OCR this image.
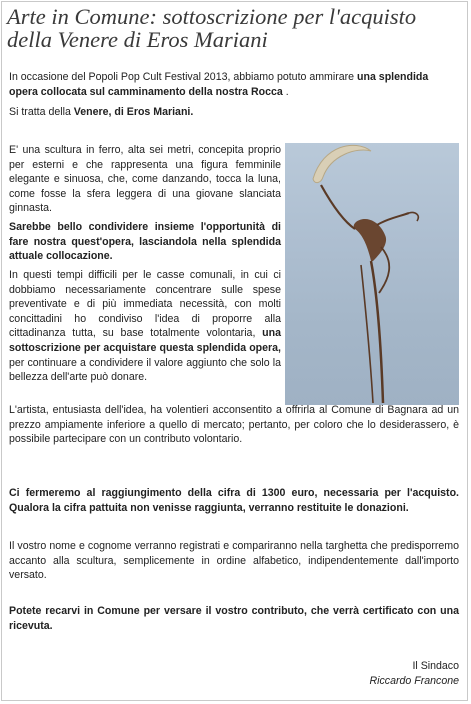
Arte in Comune: sottoscrizione per l'acquisto della Venere di Eros Mariani

In occasione del Popoli Pop Cult Festival 2013, abbiamo potuto ammirare una splendida opera collocata sul camminamento della nostra Rocca .

Si tratta della Venere, di Eros Mariani.

E' una scultura in ferro, alta sei metri, concepita proprio per esterni e che rappresenta una figura femminile elegante e sinuosa, che, come danzando, tocca la luna, come fosse la sfera leggera di una giovane slanciata ginnasta.

Sarebbe bello condividere insieme l'opportunità di fare nostra quest'opera, lasciandola nella splendida attuale collocazione.

In questi tempi difficili per le casse comunali, in cui ci dobbiamo necessariamente concentrare sulle spese preventivate e di più immediata necessità, con molti concittadini ho condiviso l'idea di proporre alla cittadinanza tutta, su base totalmente volontaria, una sottoscrizione per acquistare questa splendida opera, per continuare a condividere il valore aggiunto che solo la bellezza dell'arte può donare.

L'artista, entusiasta dell'idea, ha volentieri acconsentito a offrirla al Comune di Bagnara ad un prezzo ampiamente inferiore a quello di mercato; pertanto, per coloro che lo desiderassero, è possibile partecipare con un contributo volontario.

Ci fermeremo al raggiungimento della cifra di 1300 euro, necessaria per l'acquisto. Qualora la cifra pattuita non venisse raggiunta, verranno restituite le donazioni.

Il vostro nome e cognome verranno registrati e compariranno nella targhetta che predisporremo accanto alla scultura, semplicemente in ordine alfabetico, indipendentemente dall'importo versato.

Potete recarvi in Comune per versare il vostro contributo, che verrà certificato con una ricevuta.

Il Sindaco

Riccardo Francone
